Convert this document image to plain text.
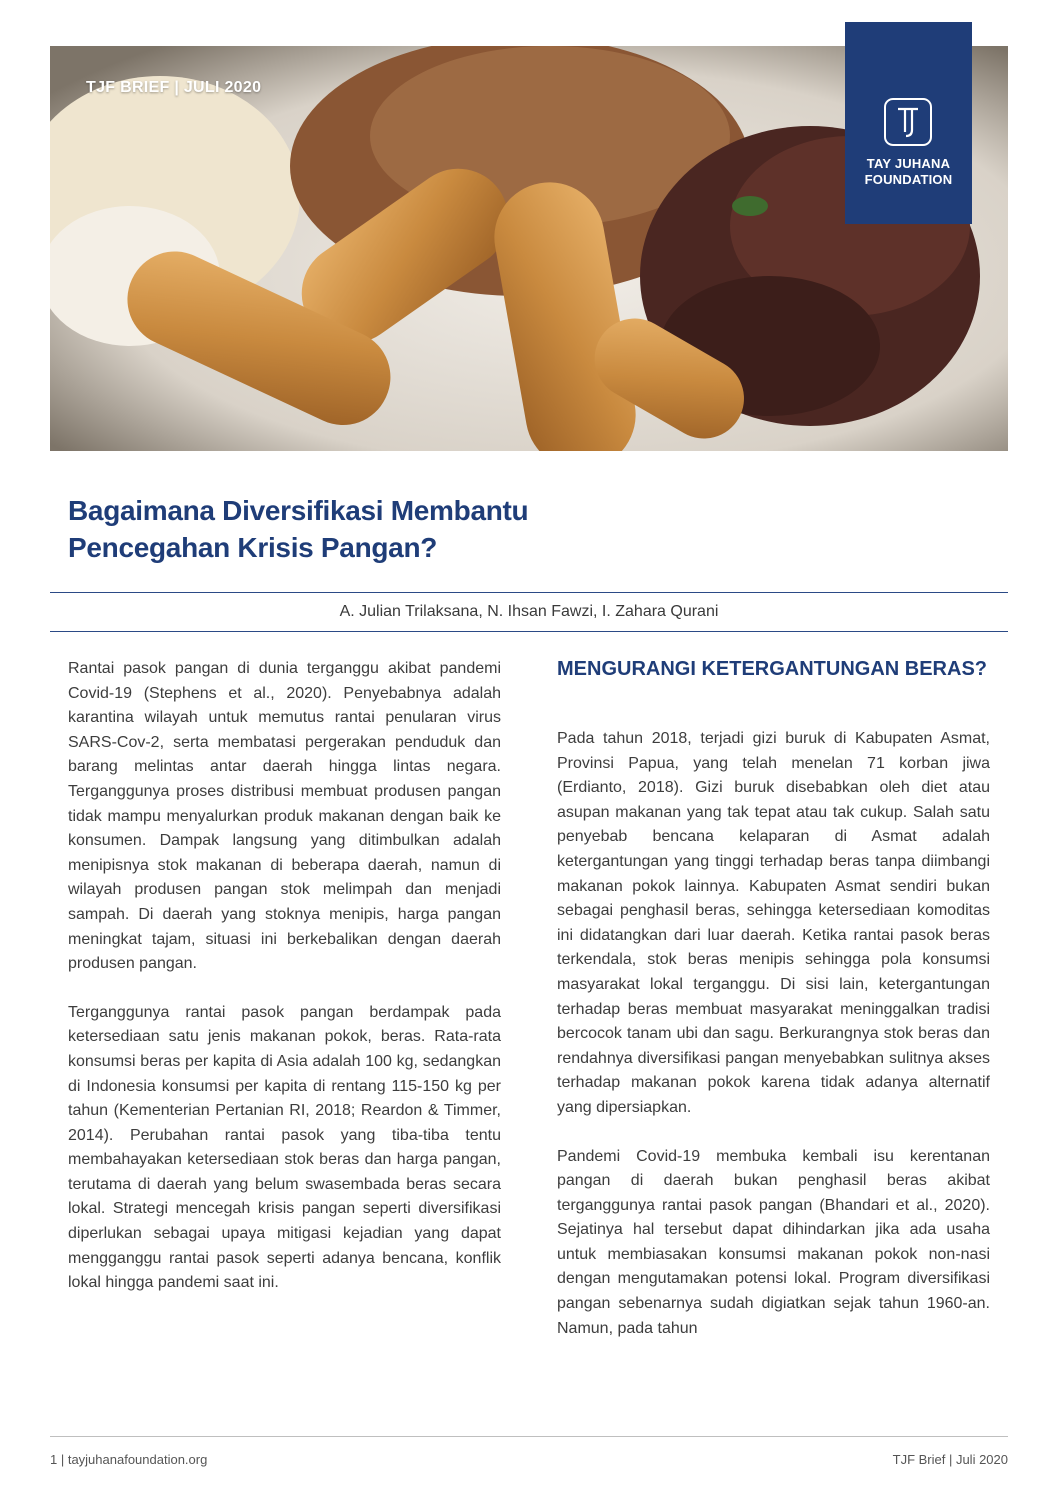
TJF BRIEF | JULI 2020
TAY JUHANA
FOUNDATION
Bagaimana Diversifikasi Membantu
Pencegahan Krisis Pangan?
A. Julian Trilaksana, N. Ihsan Fawzi, I. Zahara Qurani

Rantai pasok pangan di dunia terganggu akibat pandemi Covid-19 (Stephens et al., 2020). Penyebabnya adalah karantina wilayah untuk memutus rantai penularan virus SARS-Cov-2, serta membatasi pergerakan penduduk dan barang melintas antar daerah hingga lintas negara. Terganggunya proses distribusi membuat produsen pangan tidak mampu menyalurkan produk makanan dengan baik ke konsumen. Dampak langsung yang ditimbulkan adalah menipisnya stok makanan di beberapa daerah, namun di wilayah produsen pangan stok melimpah dan menjadi sampah. Di daerah yang stoknya menipis, harga pangan meningkat tajam, situasi ini berkebalikan dengan daerah produsen pangan.

Terganggunya rantai pasok pangan berdampak pada ketersediaan satu jenis makanan pokok, beras. Rata-rata konsumsi beras per kapita di Asia adalah 100 kg, sedangkan di Indonesia konsumsi per kapita di rentang 115-150 kg per tahun (Kementerian Pertanian RI, 2018; Reardon & Timmer, 2014). Perubahan rantai pasok yang tiba-tiba tentu membahayakan ketersediaan stok beras dan harga pangan, terutama di daerah yang belum swasembada beras secara lokal. Strategi mencegah krisis pangan seperti diversifikasi diperlukan sebagai upaya mitigasi kejadian yang dapat mengganggu rantai pasok seperti adanya bencana, konflik lokal hingga pandemi saat ini.

MENGURANGI KETERGANTUNGAN BERAS?

Pada tahun 2018, terjadi gizi buruk di Kabupaten Asmat, Provinsi Papua, yang telah menelan 71 korban jiwa (Erdianto, 2018). Gizi buruk disebabkan oleh diet atau asupan makanan yang tak tepat atau tak cukup. Salah satu penyebab bencana kelaparan di Asmat adalah ketergantungan yang tinggi terhadap beras tanpa diimbangi makanan pokok lainnya. Kabupaten Asmat sendiri bukan sebagai penghasil beras, sehingga ketersediaan komoditas ini didatangkan dari luar daerah. Ketika rantai pasok beras terkendala, stok beras menipis sehingga pola konsumsi masyarakat lokal terganggu. Di sisi lain, ketergantungan terhadap beras membuat masyarakat meninggalkan tradisi bercocok tanam ubi dan sagu. Berkurangnya stok beras dan rendahnya diversifikasi pangan menyebabkan sulitnya akses terhadap makanan pokok karena tidak adanya alternatif yang dipersiapkan.

Pandemi Covid-19 membuka kembali isu kerentanan pangan di daerah bukan penghasil beras akibat terganggunya rantai pasok pangan (Bhandari et al., 2020). Sejatinya hal tersebut dapat dihindarkan jika ada usaha untuk membiasakan konsumsi makanan pokok non-nasi dengan mengutamakan potensi lokal. Program diversifikasi pangan sebenarnya sudah digiatkan sejak tahun 1960-an. Namun, pada tahun

1 | tayjuhanafoundation.org	TJF Brief | Juli 2020
